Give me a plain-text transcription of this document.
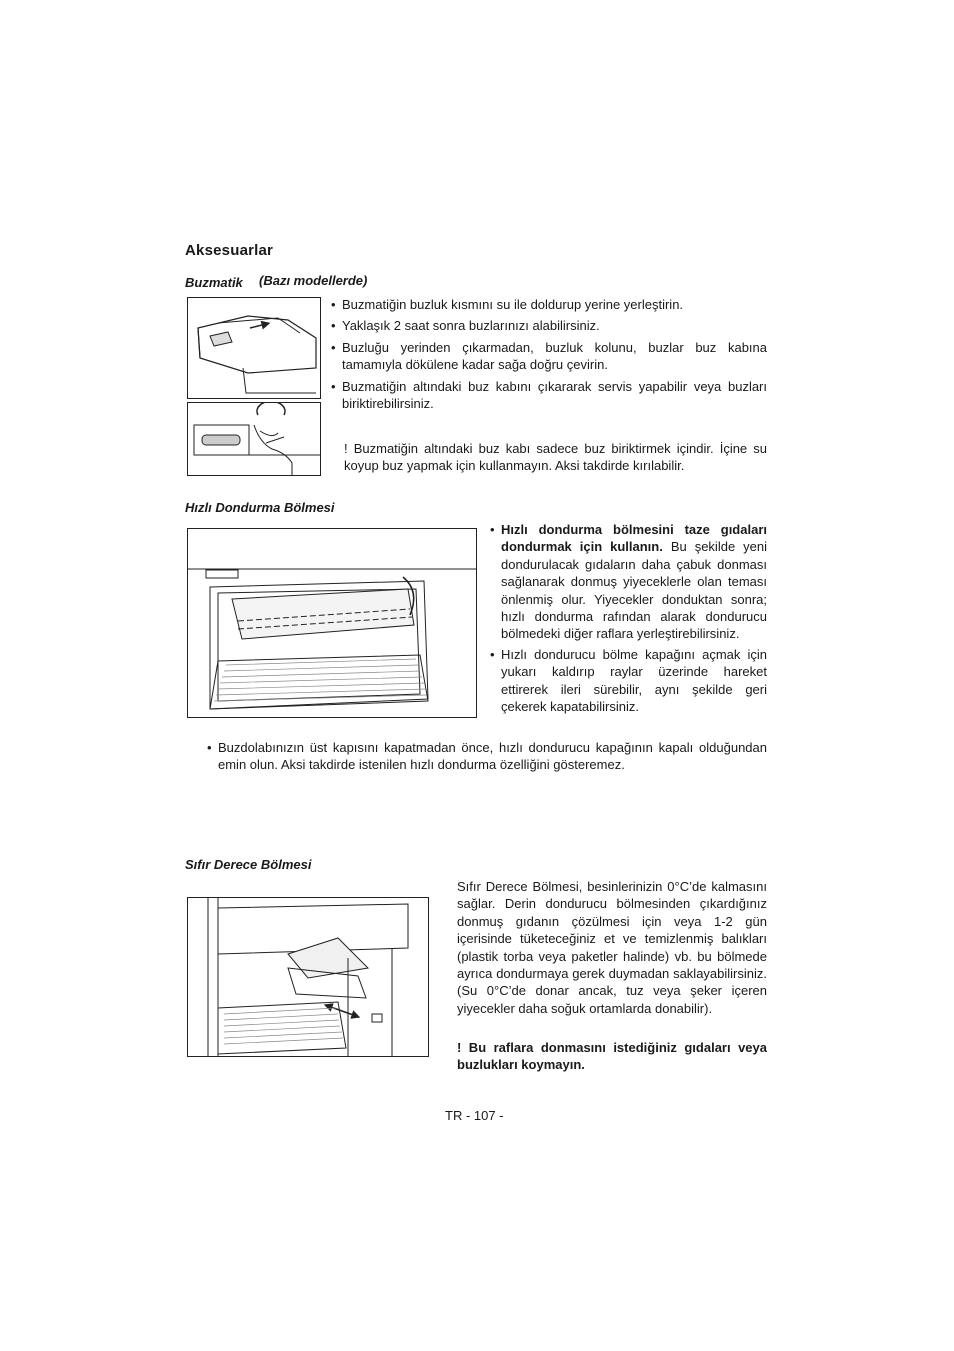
Aksesuarlar
Buzmatik (Bazı modellerde)
• Buzmatiğin buzluk kısmını su ile doldurup yerine yerleştirin.
• Yaklaşık 2 saat sonra buzlarınızı alabilirsiniz.
• Buzluğu yerinden çıkarmadan, buzluk kolunu, buzlar buz kabına tamamıyla dökülene kadar sağa doğru çevirin.
• Buzmatiğin altındaki buz kabını çıkararak servis yapabilir veya buzları biriktirebilirsiniz.
! Buzmatiğin altındaki buz kabı sadece buz biriktirmek içindir. İçine su koyup buz yapmak için kullanmayın. Aksi takdirde kırılabilir.
Hızlı Dondurma Bölmesi
• Hızlı dondurma bölmesini taze gıdaları dondurmak için kullanın. Bu şekilde yeni dondurulacak gıdaların daha çabuk donması sağlanarak donmuş yiyeceklerle olan teması önlenmiş olur. Yiyecekler donduktan sonra; hızlı dondurma rafından alarak dondurucu bölmedeki diğer raflara yerleştirebilirsiniz.
• Hızlı dondurucu bölme kapağını açmak için yukarı kaldırıp raylar üzerinde hareket ettirerek ileri sürebilir, aynı şekilde geri çekerek kapatabilirsiniz.
• Buzdolabınızın üst kapısını kapatmadan önce, hızlı dondurucu kapağının kapalı olduğundan emin olun. Aksi takdirde istenilen hızlı dondurma özelliğini gösteremez.
Sıfır Derece Bölmesi
Sıfır Derece Bölmesi, besinlerinizin 0°C’de kalmasını sağlar. Derin dondurucu bölmesinden çıkardığınız donmuş gıdanın çözülmesi için veya 1-2 gün içerisinde tüketeceğiniz et ve temizlenmiş balıkları (plastik torba veya paketler halinde) vb. bu bölmede ayrıca dondurmaya gerek duymadan saklayabilirsiniz. (Su 0°C’de donar ancak, tuz veya şeker içeren yiyecekler daha soğuk ortamlarda donabilir).
! Bu raflara donmasını istediğiniz gıdaları veya buzlukları koymayın.
TR - 107 -
